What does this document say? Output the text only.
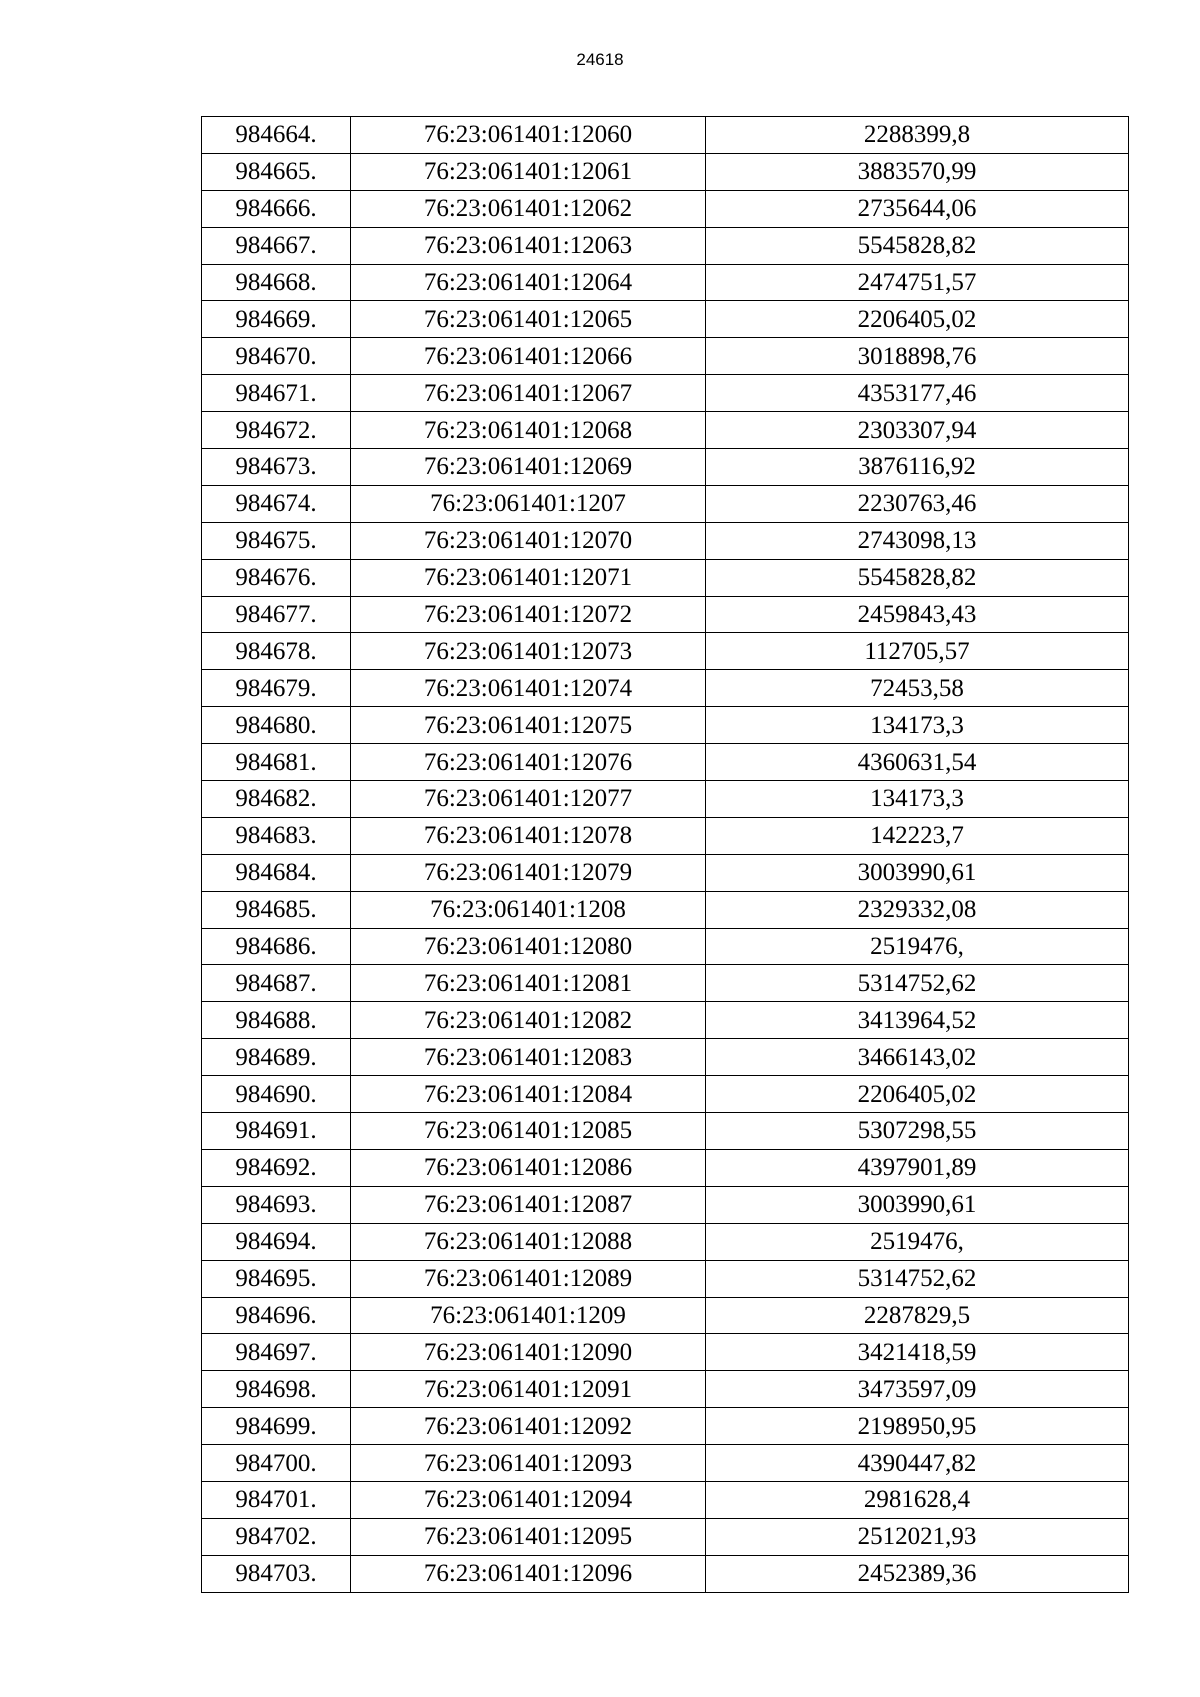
24618
984664.	76:23:061401:12060	2288399,8
984665.	76:23:061401:12061	3883570,99
984666.	76:23:061401:12062	2735644,06
984667.	76:23:061401:12063	5545828,82
984668.	76:23:061401:12064	2474751,57
984669.	76:23:061401:12065	2206405,02
984670.	76:23:061401:12066	3018898,76
984671.	76:23:061401:12067	4353177,46
984672.	76:23:061401:12068	2303307,94
984673.	76:23:061401:12069	3876116,92
984674.	76:23:061401:1207	2230763,46
984675.	76:23:061401:12070	2743098,13
984676.	76:23:061401:12071	5545828,82
984677.	76:23:061401:12072	2459843,43
984678.	76:23:061401:12073	112705,57
984679.	76:23:061401:12074	72453,58
984680.	76:23:061401:12075	134173,3
984681.	76:23:061401:12076	4360631,54
984682.	76:23:061401:12077	134173,3
984683.	76:23:061401:12078	142223,7
984684.	76:23:061401:12079	3003990,61
984685.	76:23:061401:1208	2329332,08
984686.	76:23:061401:12080	2519476,
984687.	76:23:061401:12081	5314752,62
984688.	76:23:061401:12082	3413964,52
984689.	76:23:061401:12083	3466143,02
984690.	76:23:061401:12084	2206405,02
984691.	76:23:061401:12085	5307298,55
984692.	76:23:061401:12086	4397901,89
984693.	76:23:061401:12087	3003990,61
984694.	76:23:061401:12088	2519476,
984695.	76:23:061401:12089	5314752,62
984696.	76:23:061401:1209	2287829,5
984697.	76:23:061401:12090	3421418,59
984698.	76:23:061401:12091	3473597,09
984699.	76:23:061401:12092	2198950,95
984700.	76:23:061401:12093	4390447,82
984701.	76:23:061401:12094	2981628,4
984702.	76:23:061401:12095	2512021,93
984703.	76:23:061401:12096	2452389,36
